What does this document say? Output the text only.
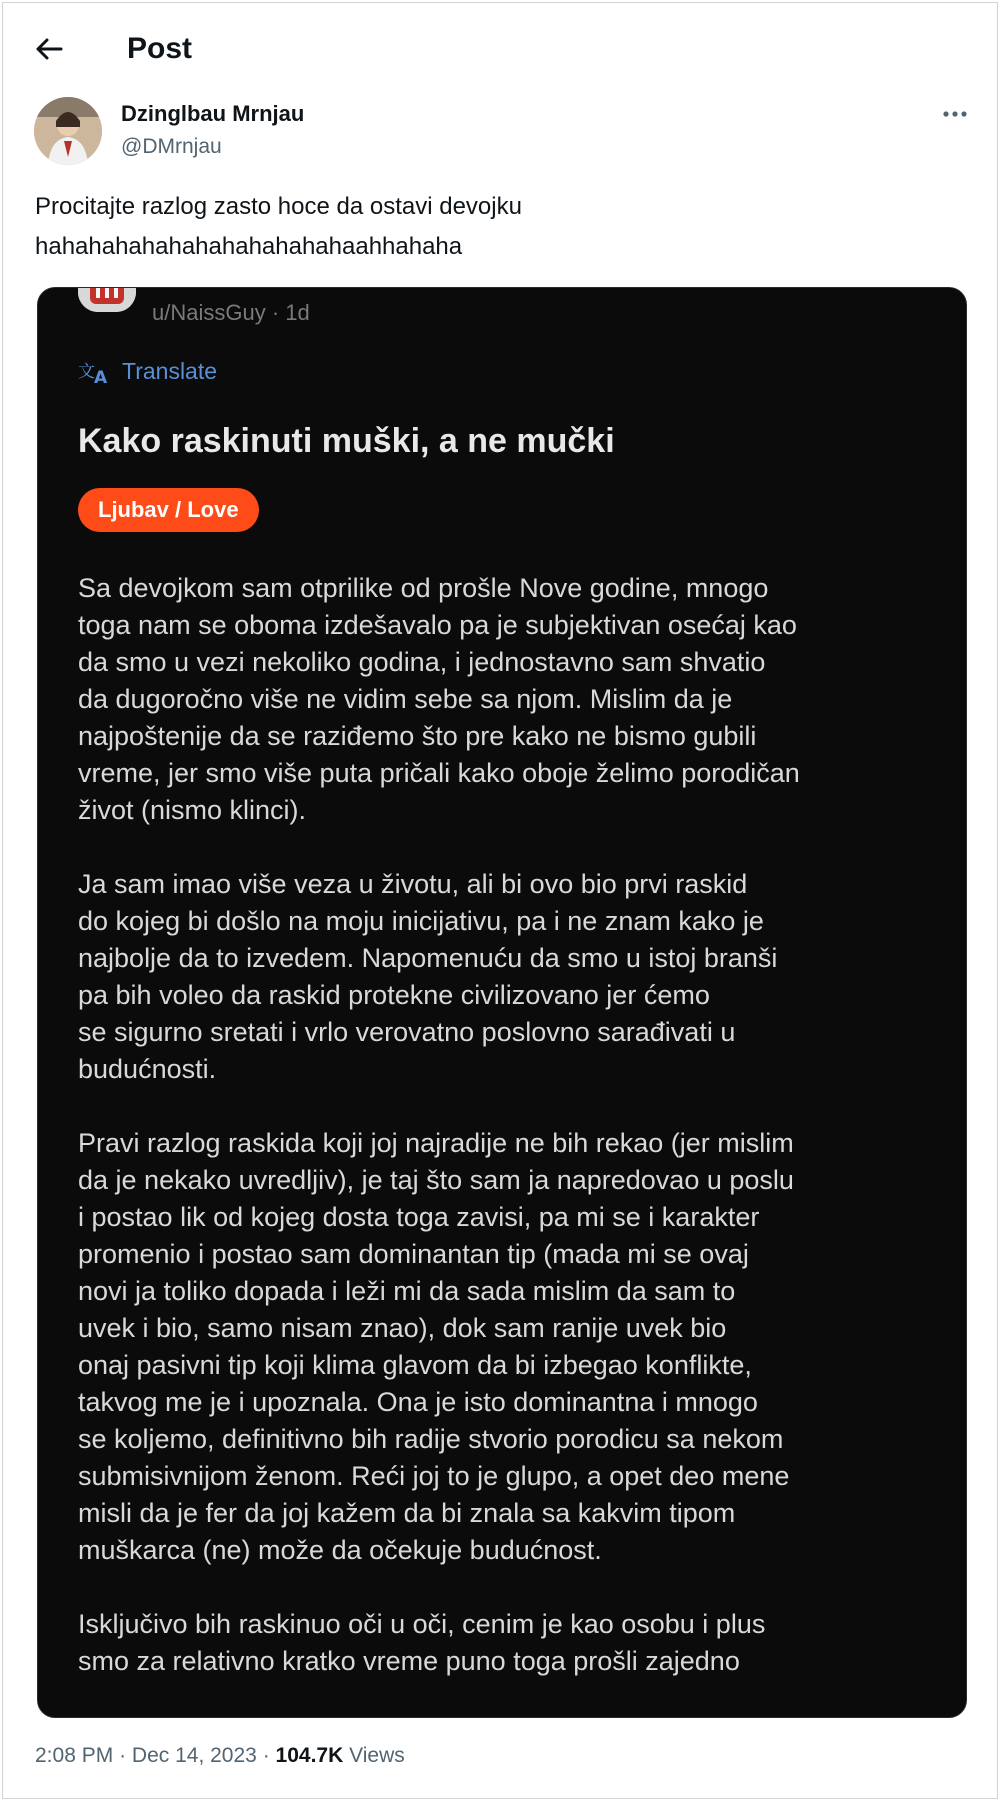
Post
Dzinglbau Mrnjau
@DMrnjau
Procitajte razlog zasto hoce da ostavi devojku
hahahahahahahahahahahahaahhahaha
u/NaissGuy · 1d
文 A Translate
Kako raskinuti muški, a ne mučki
Ljubav / Love
Sa devojkom sam otprilike od prošle Nove godine, mnogo
toga nam se oboma izdešavalo pa je subjektivan osećaj kao
da smo u vezi nekoliko godina, i jednostavno sam shvatio
da dugoročno više ne vidim sebe sa njom. Mislim da je
najpoštenije da se raziđemo što pre kako ne bismo gubili
vreme, jer smo više puta pričali kako oboje želimo porodičan
život (nismo klinci).
Ja sam imao više veza u životu, ali bi ovo bio prvi raskid
do kojeg bi došlo na moju inicijativu, pa i ne znam kako je
najbolje da to izvedem. Napomenuću da smo u istoj branši
pa bih voleo da raskid protekne civilizovano jer ćemo
se sigurno sretati i vrlo verovatno poslovno sarađivati u
budućnosti.
Pravi razlog raskida koji joj najradije ne bih rekao (jer mislim
da je nekako uvredljiv), je taj što sam ja napredovao u poslu
i postao lik od kojeg dosta toga zavisi, pa mi se i karakter
promenio i postao sam dominantan tip (mada mi se ovaj
novi ja toliko dopada i leži mi da sada mislim da sam to
uvek i bio, samo nisam znao), dok sam ranije uvek bio
onaj pasivni tip koji klima glavom da bi izbegao konflikte,
takvog me je i upoznala. Ona je isto dominantna i mnogo
se koljemo, definitivno bih radije stvorio porodicu sa nekom
submisivnijom ženom. Reći joj to je glupo, a opet deo mene
misli da je fer da joj kažem da bi znala sa kakvim tipom
muškarca (ne) može da očekuje budućnost.
Isključivo bih raskinuo oči u oči, cenim je kao osobu i plus
smo za relativno kratko vreme puno toga prošli zajedno
2:08 PM · Dec 14, 2023 · 104.7K Views
